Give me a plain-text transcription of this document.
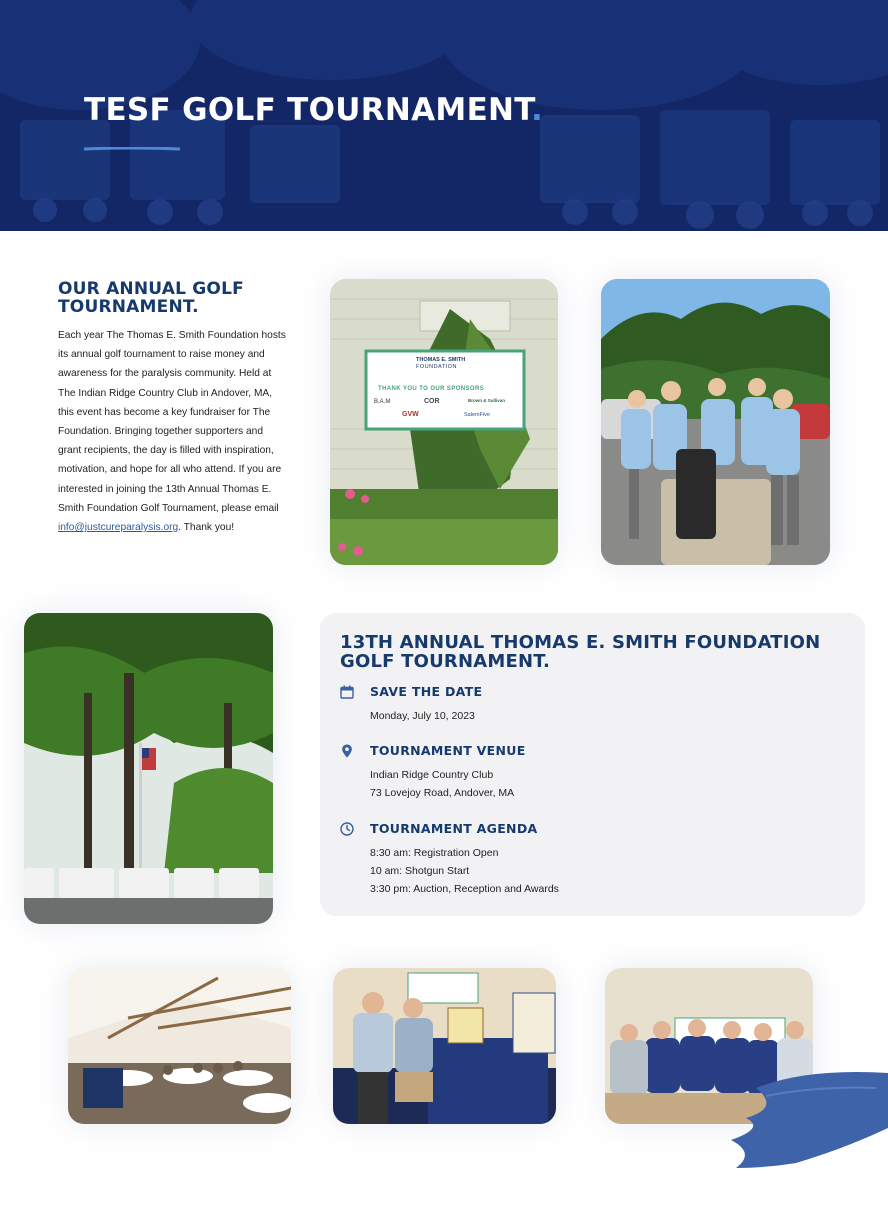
TESF GOLF TOURNAMENT.
OUR ANNUAL GOLF TOURNAMENT.

Each year The Thomas E. Smith Foundation hosts its annual golf tournament to raise money and awareness for the paralysis community. Held at The Indian Ridge Country Club in Andover, MA, this event has become a key fundraiser for The Foundation. Bringing together supporters and grant recipients, the day is filled with inspiration, motivation, and hope for all who attend. If you are interested in joining the 13th Annual Thomas E. Smith Foundation Golf Tournament, please email info@justcureparalysis.org. Thank you!

THOMAS E. SMITH
FOUNDATION
THANK YOU TO OUR SPONSORS
B.A.M	COR	Brown & Sullivan
GVW	SalemFive
13TH ANNUAL THOMAS E. SMITH FOUNDATION GOLF TOURNAMENT.
SAVE THE DATE
Monday, July 10, 2023
TOURNAMENT VENUE
Indian Ridge Country Club
73 Lovejoy Road, Andover, MA
TOURNAMENT AGENDA
8:30 am: Registration Open
10 am: Shotgun Start
3:30 pm: Auction, Reception and Awards
